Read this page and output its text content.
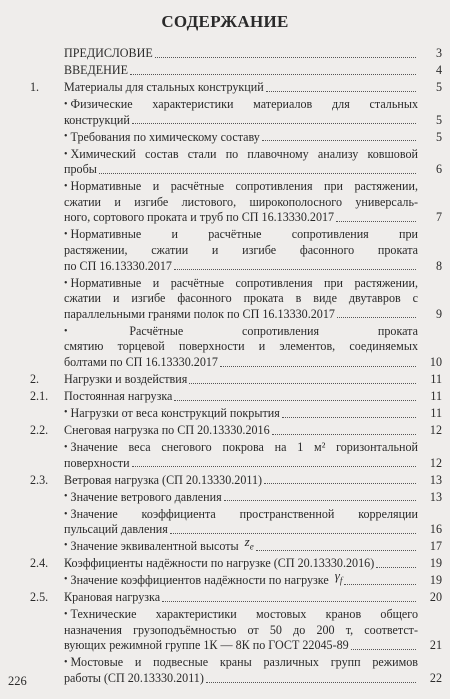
СОДЕРЖАНИЕ
ПРЕДИСЛОВИЕ	3
ВВЕДЕНИЕ	4
1. Материалы для стальных конструкций	5
• Физические характеристики материалов для стальных
конструкций	5
• Требования по химическому составу	5
• Химический состав стали по плавочному анализу ковшовой
пробы	6
• Нормативные и расчётные сопротивления при растяжении,
сжатии и изгибе листового, широкополосного универсаль-
ного, сортового проката и труб по СП 16.13330.2017	7
• Нормативные и расчётные сопротивления при
растяжении, сжатии и изгибе фасонного проката
по СП 16.13330.2017	8
• Нормативные и расчётные сопротивления при растяжении,
сжатии и изгибе фасонного проката в виде двутавров с
параллельными гранями полок по СП 16.13330.2017	9
• Расчётные сопротивления проката
смятию торцевой поверхности и элементов, соединяемых
болтами по СП 16.13330.2017	10
2. Нагрузки и воздействия	11
2.1. Постоянная нагрузка	11
• Нагрузки от веса конструкций покрытия	11
2.2. Снеговая нагрузка по СП 20.13330.2016	12
• Значение веса снегового покрова на 1 м² горизонтальной
поверхности	12
2.3. Ветровая нагрузка (СП 20.13330.2011)	13
• Значение ветрового давления	13
• Значение коэффициента пространственной корреляции
пульсаций давления	16
• Значение эквивалентной высоты $z_e$	17
2.4. Коэффициенты надёжности по нагрузке (СП 20.13330.2016)	19
• Значение коэффициентов надёжности по нагрузке $\gamma_f$	19
2.5. Крановая нагрузка	20
• Технические характеристики мостовых кранов общего
назначения грузоподъёмностью от 50 до 200 т, соответст-
вующих режимной группе 1К — 8К по ГОСТ 22045-89	21
• Мостовые и подвесные краны различных групп режимов
работы (СП 20.13330.2011)	22
226
